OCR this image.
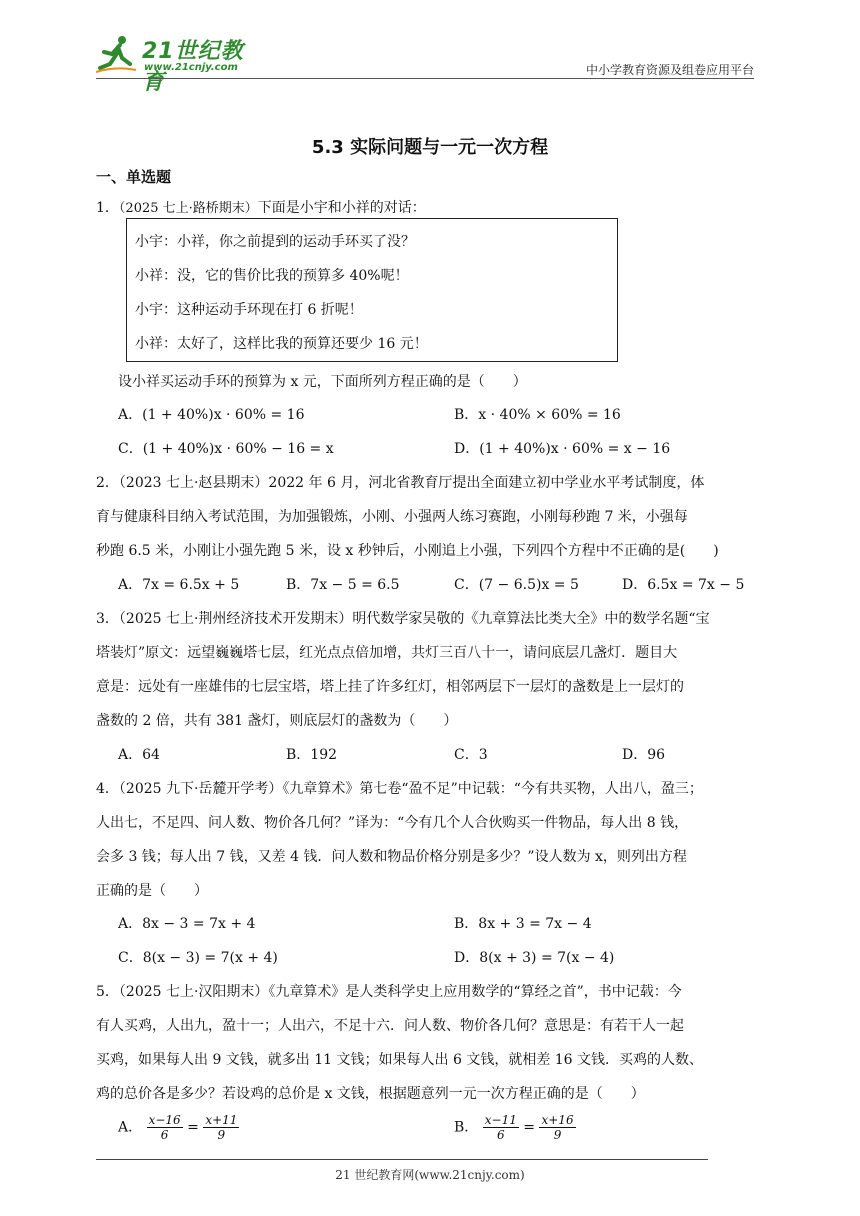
21世纪教育
www.21cnjy.com	中小学教育资源及组卷应用平台
5.3 实际问题与一元一次方程
一、单选题
1．（2025 七上·路桥期末）下面是小宇和小祥的对话：
小宇：小祥，你之前提到的运动手环买了没？
小祥：没，它的售价比我的预算多 40%呢！
小宇：这种运动手环现在打 6 折呢！
小祥：太好了，这样比我的预算还要少 16 元！
设小祥买运动手环的预算为 x 元，下面所列方程正确的是（　　）
A．(1 + 40%)x · 60% = 16	B．x · 40% × 60% = 16
C．(1 + 40%)x · 60% − 16 = x	D．(1 + 40%)x · 60% = x − 16
2．（2023 七上·赵县期末）2022 年 6 月，河北省教育厅提出全面建立初中学业水平考试制度，体
育与健康科目纳入考试范围，为加强锻炼，小刚、小强两人练习赛跑，小刚每秒跑 7 米，小强每
秒跑 6.5 米，小刚让小强先跑 5 米，设 x 秒钟后，小刚追上小强，下列四个方程中不正确的是(　　)
A．7x = 6.5x + 5	B．7x − 5 = 6.5	C．(7 − 6.5)x = 5	D．6.5x = 7x − 5
3．（2025 七上·荆州经济技术开发期末）明代数学家吴敬的《九章算法比类大全》中的数学名题“宝
塔装灯”原文：远望巍巍塔七层，红光点点倍加增，共灯三百八十一，请问底层几盏灯．题目大
意是：远处有一座雄伟的七层宝塔，塔上挂了许多红灯，相邻两层下一层灯的盏数是上一层灯的
盏数的 2 倍，共有 381 盏灯，则底层灯的盏数为（　　）
A．64	B．192	C．3	D．96
4．（2025 九下·岳麓开学考）《九章算术》第七卷“盈不足”中记载：“今有共买物，人出八，盈三；
人出七，不足四、问人数、物价各几何？”译为：“今有几个人合伙购买一件物品，每人出 8 钱，
会多 3 钱；每人出 7 钱，又差 4 钱．问人数和物品价格分别是多少？”设人数为 x，则列出方程
正确的是（　　）
A．8x − 3 = 7x + 4	B．8x + 3 = 7x − 4
C．8(x − 3) = 7(x + 4)	D．8(x + 3) = 7(x − 4)
5．（2025 七上·汉阳期末）《九章算术》是人类科学史上应用数学的“算经之首”，书中记载：今
有人买鸡，人出九，盈十一；人出六，不足十六．问人数、物价各几何？意思是：有若干人一起
买鸡，如果每人出 9 文钱，就多出 11 文钱；如果每人出 6 文钱，就相差 16 文钱．买鸡的人数、
鸡的总价各是多少？若设鸡的总价是 x 文钱，根据题意列一元一次方程正确的是（　　）
A． $\frac{x-16}{6} = \frac{x+11}{9}$	B． $\frac{x-11}{6} = \frac{x+16}{9}$
21 世纪教育网(www.21cnjy.com)
